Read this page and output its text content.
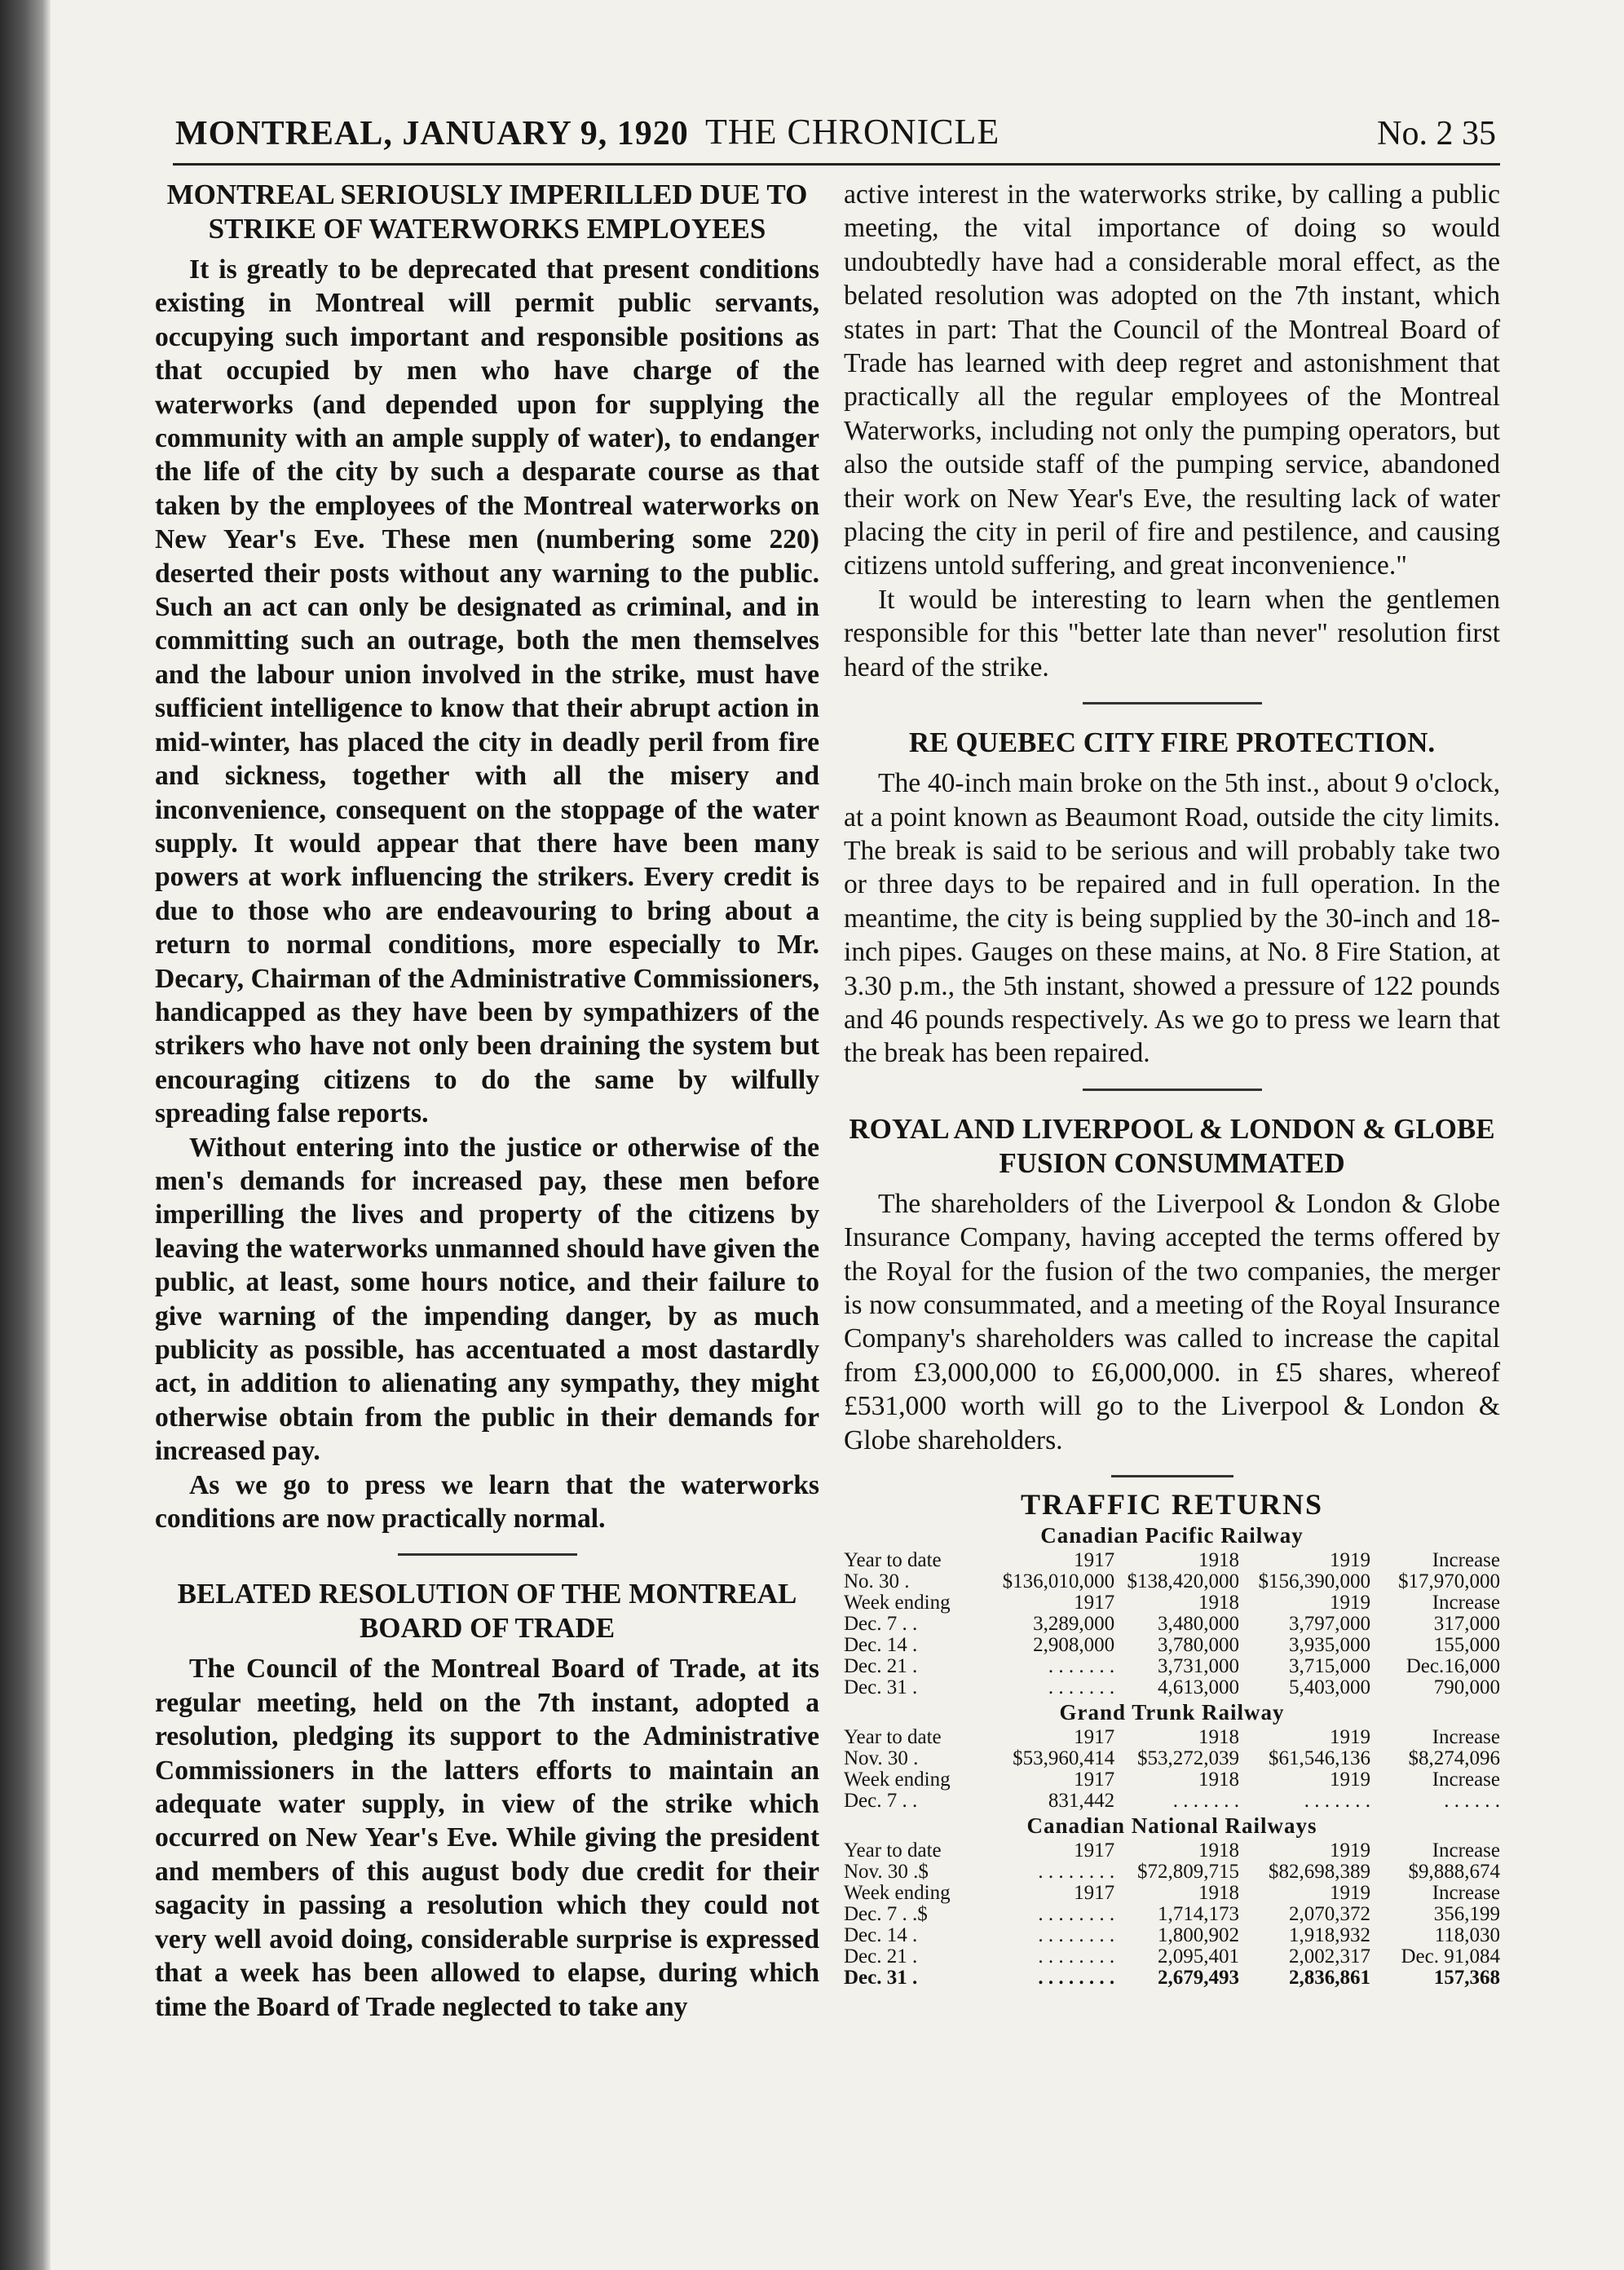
MONTREAL, JANUARY 9, 1920 THE CHRONICLE	No. 2 35
MONTREAL SERIOUSLY IMPERILLED DUE TO STRIKE OF WATERWORKS EMPLOYEES

It is greatly to be deprecated that present conditions existing in Montreal will permit public servants, occupying such important and responsible positions as that occupied by men who have charge of the waterworks (and depended upon for supplying the community with an ample supply of water), to endanger the life of the city by such a desparate course as that taken by the employees of the Montreal waterworks on New Year's Eve. These men (numbering some 220) deserted their posts without any warning to the public. Such an act can only be designated as criminal, and in committing such an outrage, both the men themselves and the labour union involved in the strike, must have sufficient intelligence to know that their abrupt action in mid-winter, has placed the city in deadly peril from fire and sickness, together with all the misery and inconvenience, consequent on the stoppage of the water supply. It would appear that there have been many powers at work influencing the strikers. Every credit is due to those who are endeavouring to bring about a return to normal conditions, more especially to Mr. Decary, Chairman of the Administrative Commissioners, handicapped as they have been by sympathizers of the strikers who have not only been draining the system but encouraging citizens to do the same by wilfully spreading false reports.

Without entering into the justice or otherwise of the men's demands for increased pay, these men before imperilling the lives and property of the citizens by leaving the waterworks unmanned should have given the public, at least, some hours notice, and their failure to give warning of the impending danger, by as much publicity as possible, has accentuated a most dastardly act, in addition to alienating any sympathy, they might otherwise obtain from the public in their demands for increased pay.

As we go to press we learn that the waterworks conditions are now practically normal.

BELATED RESOLUTION OF THE MONTREAL BOARD OF TRADE

The Council of the Montreal Board of Trade, at its regular meeting, held on the 7th instant, adopted a resolution, pledging its support to the Administrative Commissioners in the latters efforts to maintain an adequate water supply, in view of the strike which occurred on New Year's Eve. While giving the president and members of this august body due credit for their sagacity in passing a resolution which they could not very well avoid doing, considerable surprise is expressed that a week has been allowed to elapse, during which time the Board of Trade neglected to take any

active interest in the waterworks strike, by calling a public meeting, the vital importance of doing so would undoubtedly have had a considerable moral effect, as the belated resolution was adopted on the 7th instant, which states in part: That the Council of the Montreal Board of Trade has learned with deep regret and astonishment that practically all the regular employees of the Montreal Waterworks, including not only the pumping operators, but also the outside staff of the pumping service, abandoned their work on New Year's Eve, the resulting lack of water placing the city in peril of fire and pestilence, and causing citizens untold suffering, and great inconvenience."

It would be interesting to learn when the gentlemen responsible for this "better late than never" resolution first heard of the strike.

RE QUEBEC CITY FIRE PROTECTION.

The 40-inch main broke on the 5th inst., about 9 o'clock, at a point known as Beaumont Road, outside the city limits. The break is said to be serious and will probably take two or three days to be repaired and in full operation. In the meantime, the city is being supplied by the 30-inch and 18-inch pipes. Gauges on these mains, at No. 8 Fire Station, at 3.30 p.m., the 5th instant, showed a pressure of 122 pounds and 46 pounds respectively. As we go to press we learn that the break has been repaired.

ROYAL AND LIVERPOOL & LONDON & GLOBE FUSION CONSUMMATED

The shareholders of the Liverpool & London & Globe Insurance Company, having accepted the terms offered by the Royal for the fusion of the two companies, the merger is now consummated, and a meeting of the Royal Insurance Company's shareholders was called to increase the capital from £3,000,000 to £6,000,000. in £5 shares, whereof £531,000 worth will go to the Liverpool & London & Globe shareholders.

TRAFFIC RETURNS
Canadian Pacific Railway
Year to date	1917	1918	1919	Increase
No. 30 .	$136,010,000	$138,420,000	$156,390,000	$17,970,000
Week ending	1917	1918	1919	Increase
Dec. 7 . .	3,289,000	3,480,000	3,797,000	317,000
Dec. 14 .	2,908,000	3,780,000	3,935,000	155,000
Dec. 21 .	. . . . . . .	3,731,000	3,715,000	Dec.16,000
Dec. 31 .	. . . . . . .	4,613,000	5,403,000	790,000
Grand Trunk Railway
Year to date	1917	1918	1919	Increase
Nov. 30 .	$53,960,414	$53,272,039	$61,546,136	$8,274,096
Week ending	1917	1918	1919	Increase
Dec. 7 . .	831,442	. . . . . . .	. . . . . . .	. . . . . .
Canadian National Railways
Year to date	1917	1918	1919	Increase
Nov. 30 .$	. . . . . . . .	$72,809,715	$82,698,389	$9,888,674
Week ending	1917	1918	1919	Increase
Dec. 7 . .$	. . . . . . . .	1,714,173	2,070,372	356,199
Dec. 14 .	. . . . . . . .	1,800,902	1,918,932	118,030
Dec. 21 .	. . . . . . . .	2,095,401	2,002,317	Dec. 91,084
Dec. 31 .	. . . . . . . .	2,679,493	2,836,861	157,368
